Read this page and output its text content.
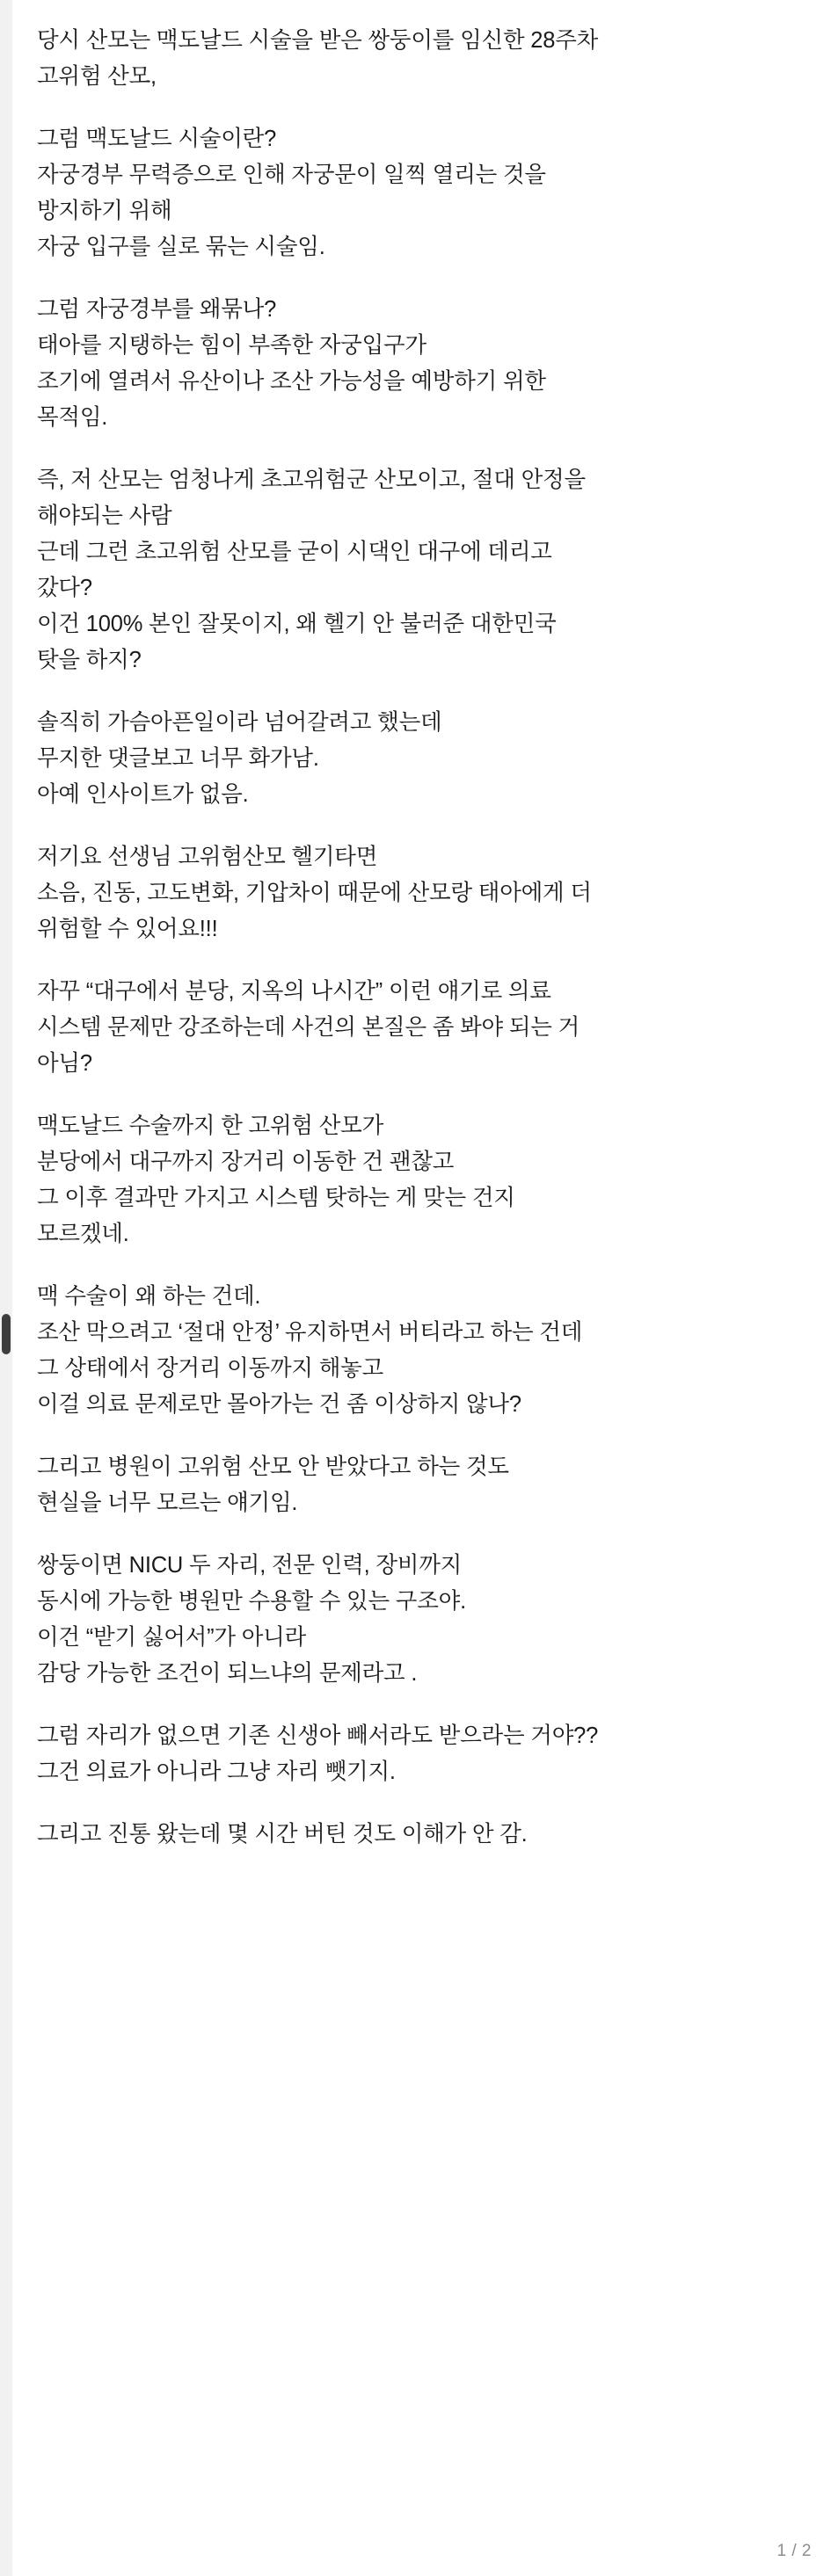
당시 산모는 맥도날드 시술을 받은 쌍둥이를 임신한 28주차
고위험 산모,
그럼 맥도날드 시술이란?
자궁경부 무력증으로 인해 자궁문이 일찍 열리는 것을
방지하기 위해
자궁 입구를 실로 묶는 시술임.
그럼 자궁경부를 왜묶나?
태아를 지탱하는 힘이 부족한 자궁입구가
조기에 열려서 유산이나 조산 가능성을 예방하기 위한
목적임.
즉, 저 산모는 엄청나게 초고위험군 산모이고, 절대 안정을
해야되는 사람
근데 그런 초고위험 산모를 굳이 시댁인 대구에 데리고
갔다?
이건 100% 본인 잘못이지, 왜 헬기 안 불러준 대한민국
탓을 하지?
솔직히 가슴아픈일이라 넘어갈려고 했는데
무지한 댓글보고 너무 화가남.
아예 인사이트가 없음.
저기요 선생님 고위험산모 헬기타면
소음, 진동, 고도변화, 기압차이 때문에 산모랑 태아에게 더
위험할 수 있어요!!!
자꾸 “대구에서 분당, 지옥의 나시간” 이런 얘기로 의료
시스템 문제만 강조하는데 사건의 본질은 좀 봐야 되는 거
아님?
맥도날드 수술까지 한 고위험 산모가
분당에서 대구까지 장거리 이동한 건 괜찮고
그 이후 결과만 가지고 시스템 탓하는 게 맞는 건지
모르겠네.
맥 수술이 왜 하는 건데.
조산 막으려고 ‘절대 안정’ 유지하면서 버티라고 하는 건데
그 상태에서 장거리 이동까지 해놓고
이걸 의료 문제로만 몰아가는 건 좀 이상하지 않나?
그리고 병원이 고위험 산모 안 받았다고 하는 것도
현실을 너무 모르는 얘기임.
쌍둥이면 NICU 두 자리, 전문 인력, 장비까지
동시에 가능한 병원만 수용할 수 있는 구조야.
이건 “받기 싫어서”가 아니라
감당 가능한 조건이 되느냐의 문제라고 .
그럼 자리가 없으면 기존 신생아 빼서라도 받으라는 거야??
그건 의료가 아니라 그냥 자리 뺏기지.
그리고 진통 왔는데 몇 시간 버틴 것도 이해가 안 감.
1 / 2
